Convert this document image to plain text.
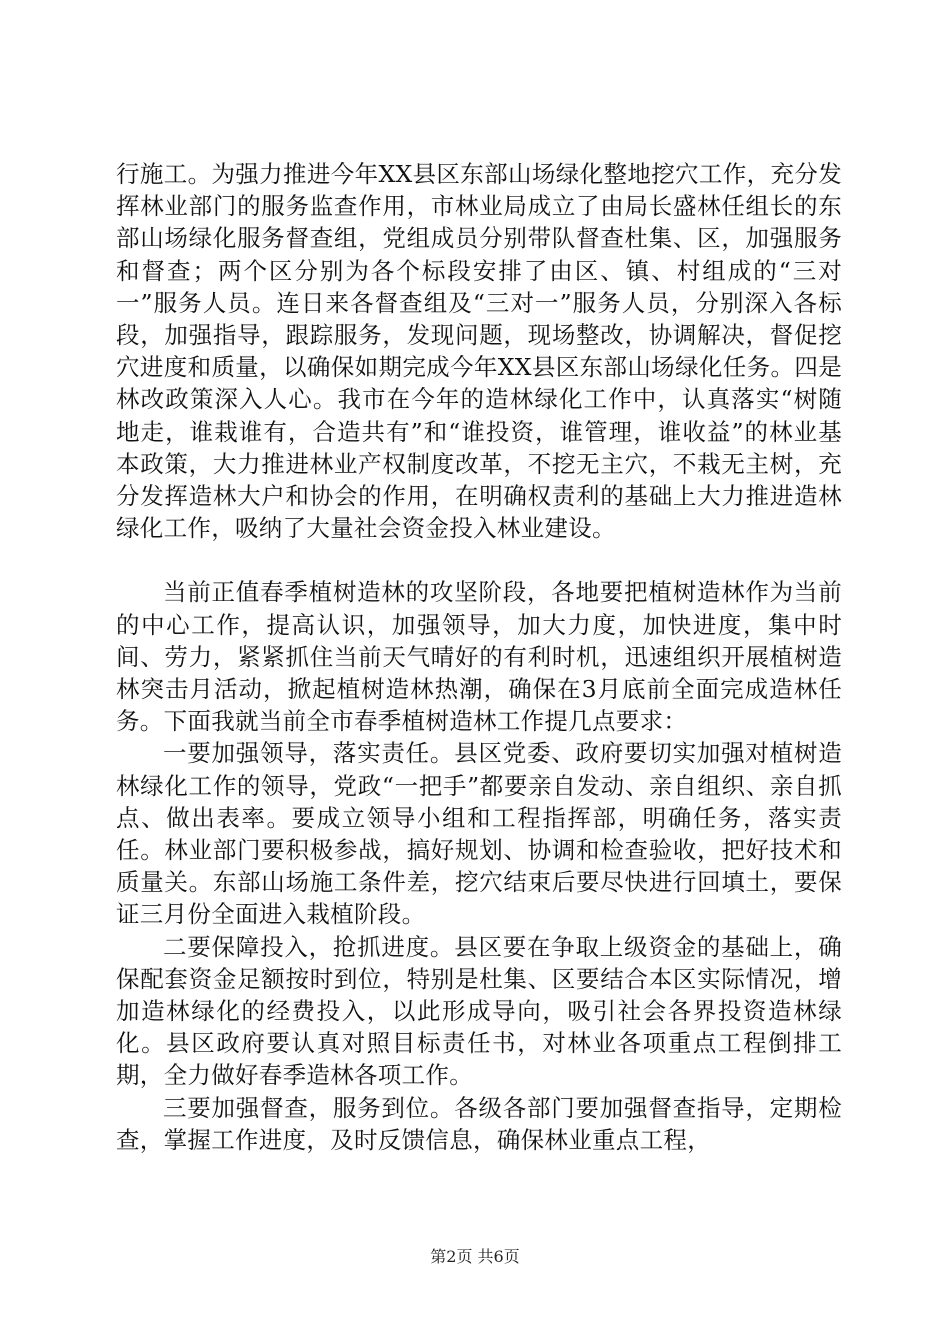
行施工。为强力推进今年XX县区东部山场绿化整地挖穴工作，充分发挥林业部门的服务监查作用，市林业局成立了由局长盛林任组长的东部山场绿化服务督查组，党组成员分别带队督查杜集、区，加强服务和督查；两个区分别为各个标段安排了由区、镇、村组成的“三对一”服务人员。连日来各督查组及“三对一”服务人员，分别深入各标段，加强指导，跟踪服务，发现问题，现场整改，协调解决，督促挖穴进度和质量，以确保如期完成今年XX县区东部山场绿化任务。四是林改政策深入人心。我市在今年的造林绿化工作中，认真落实“树随地走，谁栽谁有，合造共有”和“谁投资，谁管理，谁收益”的林业基本政策，大力推进林业产权制度改革，不挖无主穴，不栽无主树，充分发挥造林大户和协会的作用，在明确权责利的基础上大力推进造林绿化工作，吸纳了大量社会资金投入林业建设。

当前正值春季植树造林的攻坚阶段，各地要把植树造林作为当前的中心工作，提高认识，加强领导，加大力度，加快进度，集中时间、劳力，紧紧抓住当前天气晴好的有利时机，迅速组织开展植树造林突击月活动，掀起植树造林热潮，确保在3月底前全面完成造林任务。下面我就当前全市春季植树造林工作提几点要求：

一要加强领导，落实责任。县区党委、政府要切实加强对植树造林绿化工作的领导，党政“一把手”都要亲自发动、亲自组织、亲自抓点、做出表率。要成立领导小组和工程指挥部，明确任务，落实责任。林业部门要积极参战，搞好规划、协调和检查验收，把好技术和质量关。东部山场施工条件差，挖穴结束后要尽快进行回填土，要保证三月份全面进入栽植阶段。

二要保障投入，抢抓进度。县区要在争取上级资金的基础上，确保配套资金足额按时到位，特别是杜集、区要结合本区实际情况，增加造林绿化的经费投入，以此形成导向，吸引社会各界投资造林绿化。县区政府要认真对照目标责任书，对林业各项重点工程倒排工期，全力做好春季造林各项工作。

三要加强督查，服务到位。各级各部门要加强督查指导，定期检查，掌握工作进度，及时反馈信息，确保林业重点工程，

第2页 共6页
